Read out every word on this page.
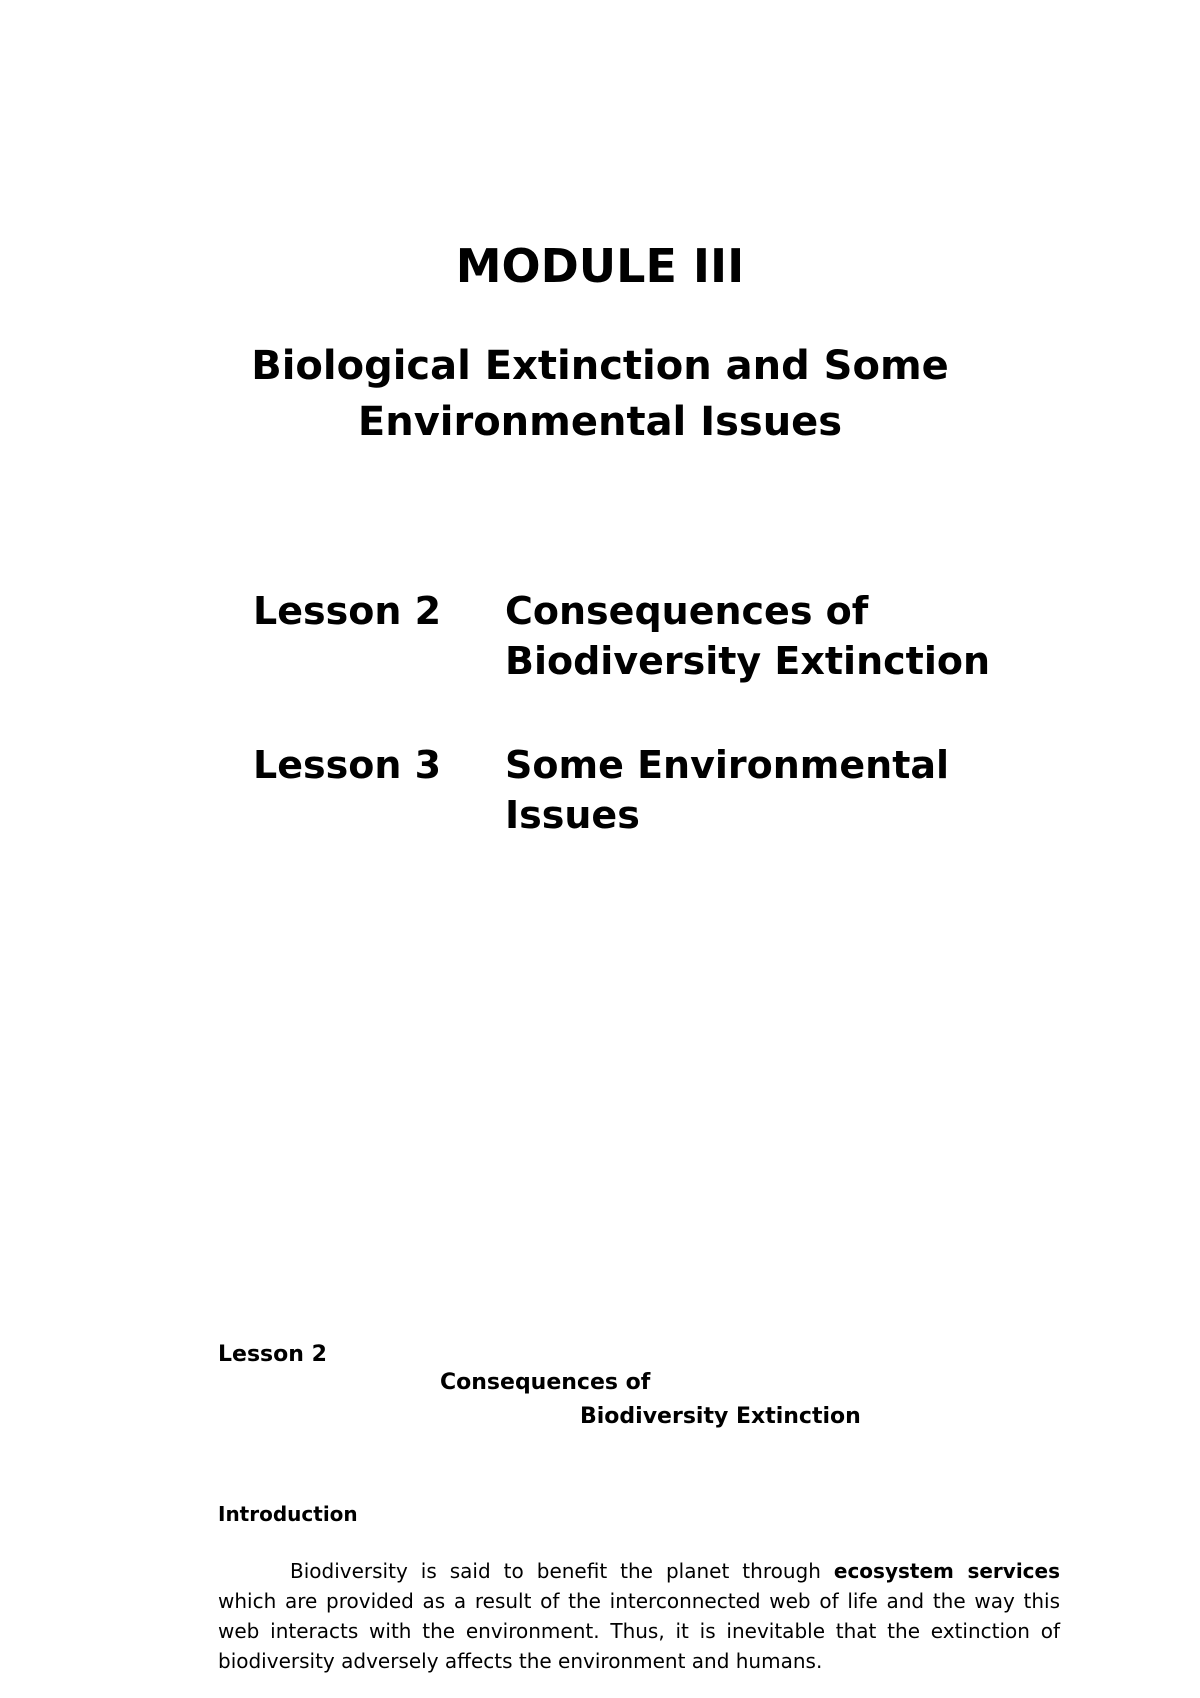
MODULE III
Biological Extinction and Some Environmental Issues
Lesson 2 Consequences of Biodiversity Extinction
Lesson 3 Some Environmental Issues
Lesson 2
Consequences of
Biodiversity Extinction
Introduction
Biodiversity is said to benefit the planet through ecosystem services which are provided as a result of the interconnected web of life and the way this web interacts with the environment. Thus, it is inevitable that the extinction of biodiversity adversely affects the environment and humans.
